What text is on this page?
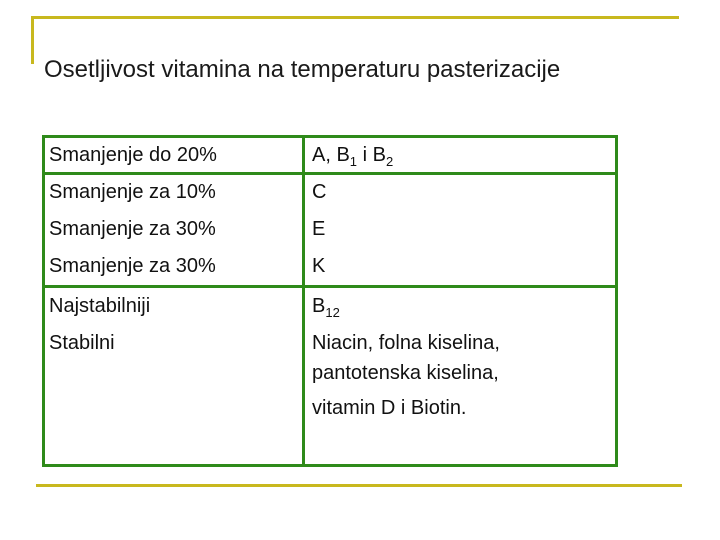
Osetljivost vitamina na temperaturu pasterizacije
Smanjenje do 20%	A, $B_1$ i $B_2$
Smanjenje za 10%
Smanjenje za 30%
Smanjenje za 30%
C
E
K
Najstabilniji
Stabilni
$B_{12}$
Niacin, folna kiselina,
pantotenska kiselina,
vitamin D i Biotin.
